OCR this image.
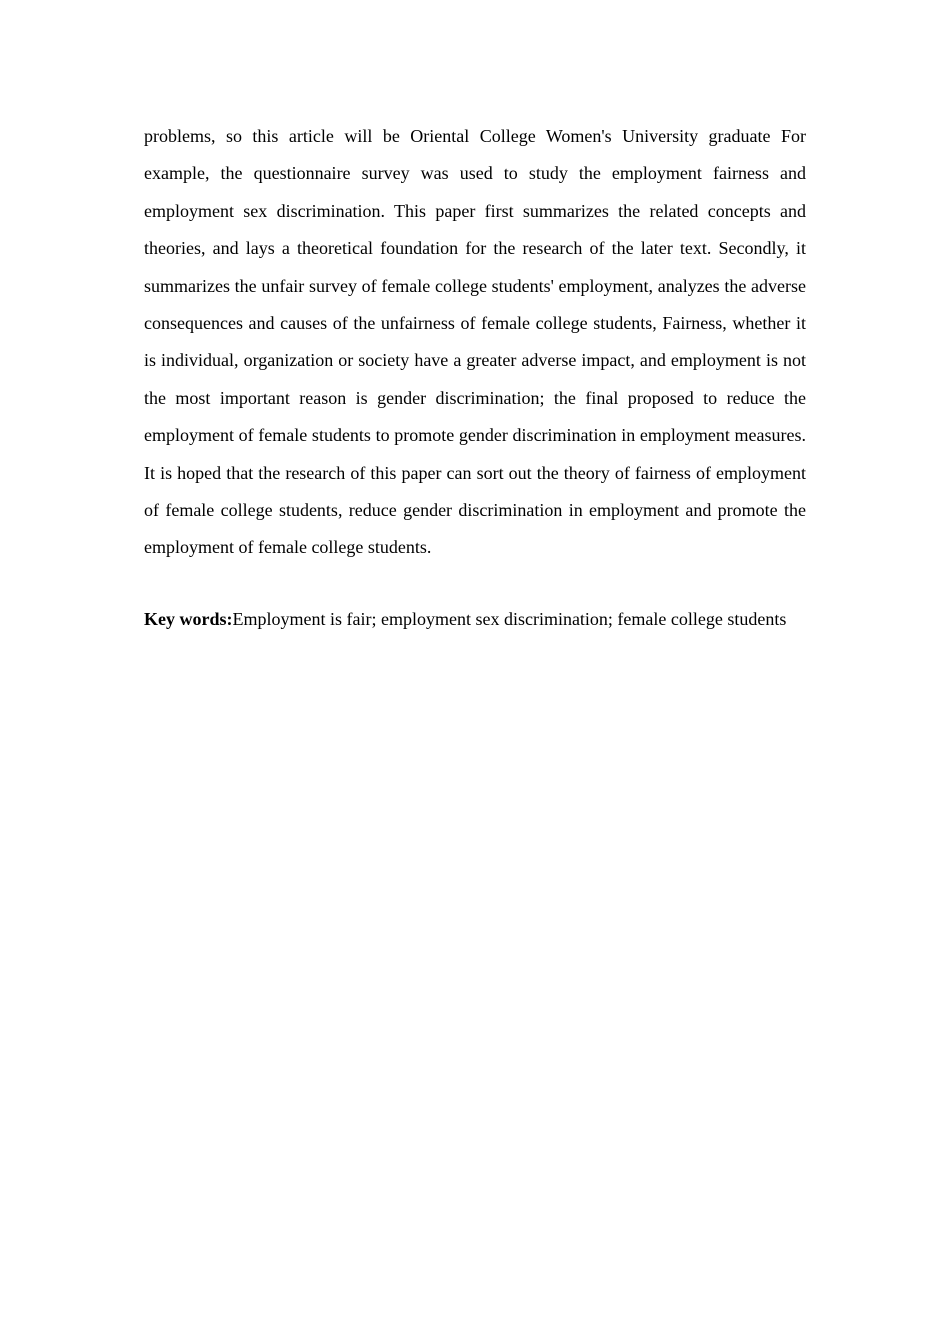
problems, so this article will be Oriental College Women's University graduate For example, the questionnaire survey was used to study the employment fairness and employment sex discrimination. This paper first summarizes the related concepts and theories, and lays a theoretical foundation for the research of the later text. Secondly, it summarizes the unfair survey of female college students' employment, analyzes the adverse consequences and causes of the unfairness of female college students, Fairness, whether it is individual, organization or society have a greater adverse impact, and employment is not the most important reason is gender discrimination; the final proposed to reduce the employment of female students to promote gender discrimination in employment measures. It is hoped that the research of this paper can sort out the theory of fairness of employment of female college students, reduce gender discrimination in employment and promote the employment of female college students.

Key words:Employment is fair; employment sex discrimination; female college students
